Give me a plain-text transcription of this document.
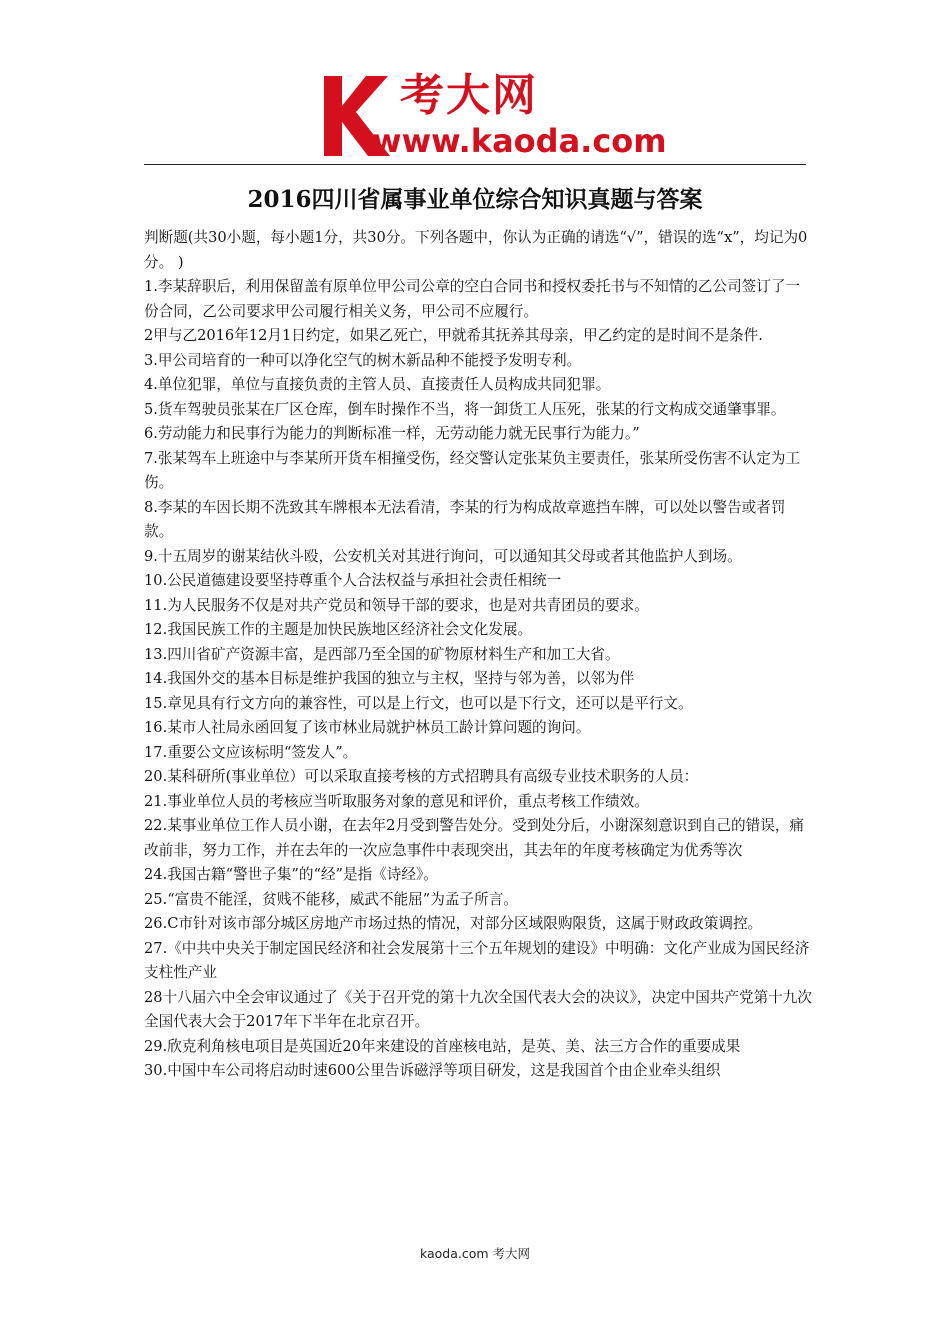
考大网
www.kaoda.com
2016四川省属事业单位综合知识真题与答案

判断题(共30小题，每小题1分，共30分。下列各题中，你认为正确的请选“√”，错误的选“x”，均记为0分。 )

1.李某辞职后，利用保留盖有原单位甲公司公章的空白合同书和授权委托书与不知情的乙公司签订了一份合同，乙公司要求甲公司履行相关义务，甲公司不应履行。

2甲与乙2016年12月1日约定，如果乙死亡，甲就希其抚养其母亲，甲乙约定的是时间不是条件.

3.甲公司培育的一种可以净化空气的树木新品种不能授予发明专利。

4.单位犯罪，单位与直接负责的主管人员、直接责任人员构成共同犯罪。

5.货车驾驶员张某在厂区仓库，倒车时操作不当，将一卸货工人压死，张某的行文构成交通肇事罪。

6.劳动能力和民事行为能力的判断标准一样，无劳动能力就无民事行为能力。”

7.张某驾车上班途中与李某所开货车相撞受伤，经交警认定张某负主要责任，张某所受伤害不认定为工伤。

8.李某的车因长期不洗致其车牌根本无法看清，李某的行为构成故章遮挡车牌，可以处以警告或者罚款。

9.十五周岁的谢某结伙斗殴，公安机关对其进行询问，可以通知其父母或者其他监护人到场。

10.公民道德建设要坚持尊重个人合法权益与承担社会责任相统一

11.为人民服务不仅是对共产党员和领导干部的要求，也是对共青团员的要求。

12.我国民族工作的主题是加快民族地区经济社会文化发展。

13.四川省矿产资源丰富，是西部乃至全国的矿物原材料生产和加工大省。

14.我国外交的基本目标是维护我国的独立与主权，坚持与邻为善，以邻为伴

15.章见具有行文方向的兼容性，可以是上行文，也可以是下行文，还可以是平行文。

16.某市人社局永函回复了该市林业局就护林员工龄计算问题的询问。

17.重要公文应该标明“签发人”。

20.某科研所(事业单位）可以采取直接考核的方式招聘具有高级专业技术职务的人员：

21.事业单位人员的考核应当听取服务对象的意见和评价，重点考核工作绩效。

22.某事业单位工作人员小谢，在去年2月受到警告处分。受到处分后，小谢深刻意识到自己的错误，痛改前非，努力工作，并在去年的一次应急事件中表现突出，其去年的年度考核确定为优秀等次

24.我国古籍“警世子集”的“经”是指《诗经》。

25.“富贵不能淫，贫贱不能移，威武不能屈”为孟子所言。

26.C市针对该市部分城区房地产市场过热的情况，对部分区域限购限货，这属于财政政策调控。

27.《中共中央关于制定国民经济和社会发展第十三个五年规划的建设》中明确：文化产业成为国民经济支柱性产业

28十八届六中全会审议通过了《关于召开党的第十九次全国代表大会的决议》，决定中国共产党第十九次全国代表大会于2017年下半年在北京召开。

29.欣克利角核电项目是英国近20年来建设的首座核电站，是英、美、法三方合作的重要成果

30.中国中车公司将启动时速600公里告诉磁浮等项目研发，这是我国首个由企业牵头组织

kaoda.com 考大网
